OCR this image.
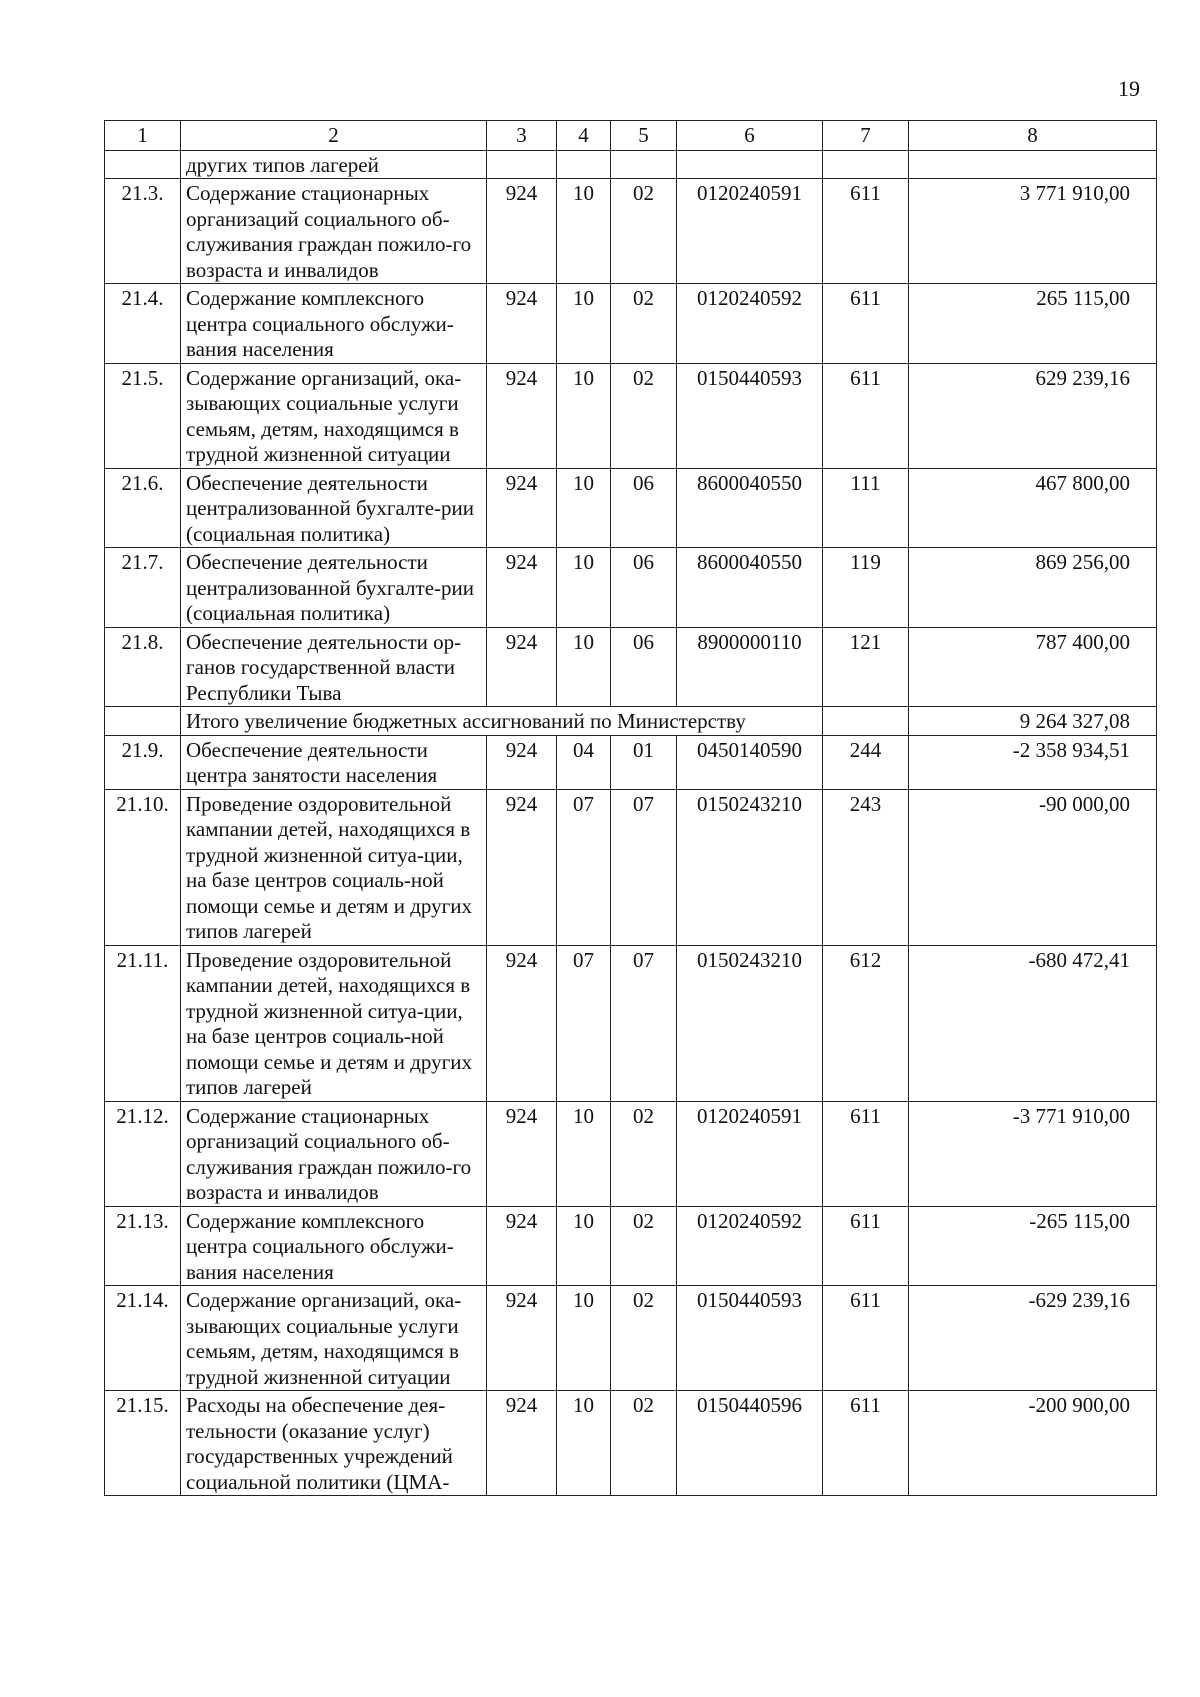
19
1	2	3	4	5	6	7	8
	других типов лагерей						
21.3.	Содержание стационарных организаций социального об-служивания граждан пожило-го возраста и инвалидов	924	10	02	0120240591	611	3 771 910,00
21.4.	Содержание комплексного центра социального обслужи-вания населения	924	10	02	0120240592	611	265 115,00
21.5.	Содержание организаций, ока-зывающих социальные услуги семьям, детям, находящимся в трудной жизненной ситуации	924	10	02	0150440593	611	629 239,16
21.6.	Обеспечение деятельности централизованной бухгалте-рии (социальная политика)	924	10	06	8600040550	111	467 800,00
21.7.	Обеспечение деятельности централизованной бухгалте-рии (социальная политика)	924	10	06	8600040550	119	869 256,00
21.8.	Обеспечение деятельности ор-ганов государственной власти Республики Тыва	924	10	06	8900000110	121	787 400,00
	Итого увеличение бюджетных ассигнований по Министерству						9 264 327,08
21.9.	Обеспечение деятельности центра занятости населения	924	04	01	0450140590	244	-2 358 934,51
21.10.	Проведение оздоровительной кампании детей, находящихся в трудной жизненной ситуа-ции, на базе центров социаль-ной помощи семье и детям и других типов лагерей	924	07	07	0150243210	243	-90 000,00
21.11.	Проведение оздоровительной кампании детей, находящихся в трудной жизненной ситуа-ции, на базе центров социаль-ной помощи семье и детям и других типов лагерей	924	07	07	0150243210	612	-680 472,41
21.12.	Содержание стационарных организаций социального об-служивания граждан пожило-го возраста и инвалидов	924	10	02	0120240591	611	-3 771 910,00
21.13.	Содержание комплексного центра социального обслужи-вания населения	924	10	02	0120240592	611	-265 115,00
21.14.	Содержание организаций, ока-зывающих социальные услуги семьям, детям, находящимся в трудной жизненной ситуации	924	10	02	0150440593	611	-629 239,16
21.15.	Расходы на обеспечение дея-тельности (оказание услуг) государственных учреждений социальной политики (ЦМА-	924	10	02	0150440596	611	-200 900,00
